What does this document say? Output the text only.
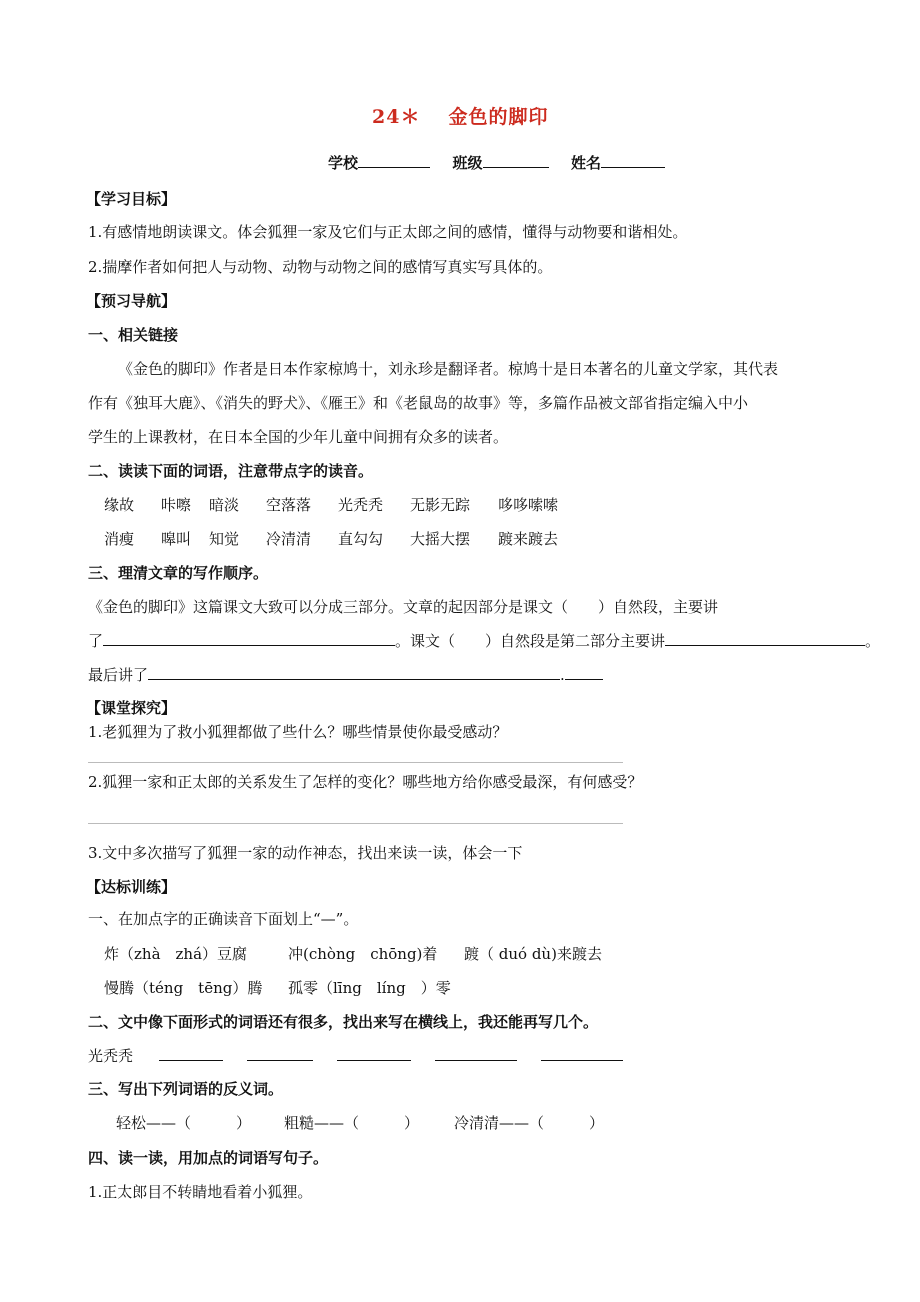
24＊ 金色的脚印
学校	班级	姓名
【学习目标】
1.有感情地朗读课文。体会狐狸一家及它们与正太郎之间的感情，懂得与动物要和谐相处。
2.揣摩作者如何把人与动物、动物与动物之间的感情写真实写具体的。
【预习导航】
一、相关链接
《金色的脚印》作者是日本作家椋鸠十，刘永珍是翻译者。椋鸠十是日本著名的儿童文学家，其代表
作有《独耳大鹿》、《消失的野犬》、《雁王》和《老鼠岛的故事》等，多篇作品被文部省指定编入中小
学生的上课教材，在日本全国的少年儿童中间拥有众多的读者。
二、读读下面的词语，注意带点字的读音。
缘故 咔嚓 暗淡 空落落 光秃秃 无影无踪 哆哆嗦嗦
消瘦 嗥叫 知觉 冷清清 直勾勾 大摇大摆 踱来踱去
三、理清文章的写作顺序。
《金色的脚印》这篇课文大致可以分成三部分。文章的起因部分是课文（　　）自然段，主要讲
了	。课文（　　）自然段是第二部分主要讲	。
最后讲了	.
【课堂探究】
1.老狐狸为了救小狐狸都做了些什么？哪些情景使你最受感动？
2.狐狸一家和正太郎的关系发生了怎样的变化？哪些地方给你感受最深，有何感受？
3.文中多次描写了狐狸一家的动作神态，找出来读一读，体会一下
【达标训练】
一、在加点字的正确读音下面划上“—”。
炸（zhà　zhá）豆腐	冲(chòng　chōng)着 踱（ duó dù)来踱去
慢腾（téng　tēng）腾 孤零（līng　líng　）零
二、文中像下面形式的词语还有很多，找出来写在横线上，我还能再写几个。
光秃秃
三、写出下列词语的反义词。
轻松——（　　　） 粗糙——（　　　） 冷清清——（　　　）
四、读一读，用加点的词语写句子。
1.正太郎目不转睛地看着小狐狸。
